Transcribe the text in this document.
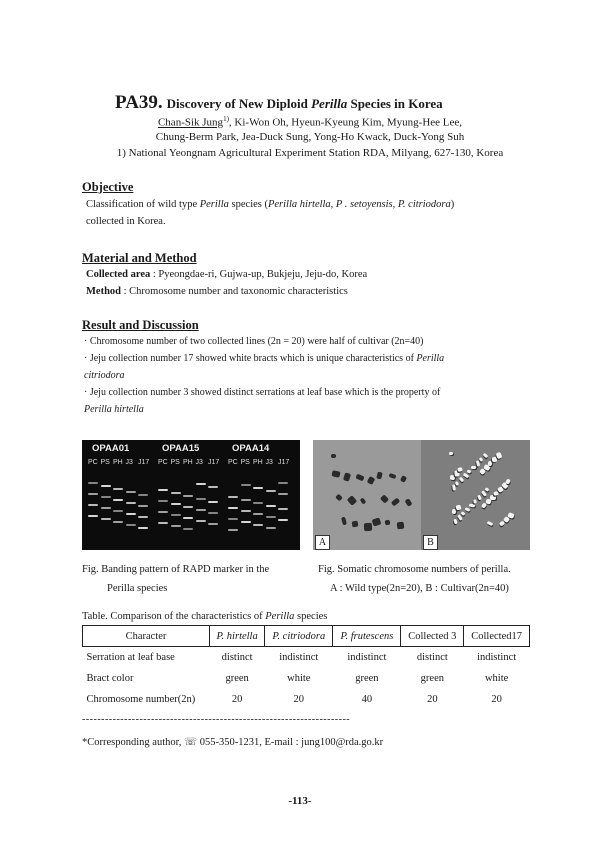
PA39. Discovery of New Diploid Perilla Species in Korea
Chan-Sik Jung$^{1)}$, Ki-Won Oh, Hyeun-Kyeung Kim, Myung-Hee Lee,
Chung-Berm Park, Jea-Duck Sung, Yong-Ho Kwack, Duck-Yong Suh
1) National Yeongnam Agricultural Experiment Station RDA, Milyang, 627-130, Korea
Objective
Classification of wild type Perilla species (Perilla hirtella, P . setoyensis, P. citriodora)
collected in Korea.
Material and Method
Collected area : Pyeongdae-ri, Gujwa-up, Bukjeju, Jeju-do, Korea
Method : Chromosome number and taxonomic characteristics
Result and Discussion
· Chromosome number of two collected lines (2n = 20) were half of cultivar (2n=40)
· Jeju collection number 17 showed white bracts which is unique characteristics of Perilla
citriodora
· Jeju collection number 3 showed distinct serrations at leaf base which is the property of
Perilla hirtella
OPAA01	OPAA15	OPAA14
PC PS PH J3 J17 PC PS PH J3 J17 PC PS PH J3 J17
A	B
Fig. Banding pattern of RAPD marker in the
Perilla species
Fig. Somatic chromosome numbers of perilla.
A : Wild type(2n=20), B : Cultivar(2n=40)
Table. Comparison of the characteristics of Perilla species
Character	P. hirtella	P. citriodora	P. frutescens	Collected 3	Collected17
Serration at leaf base	distinct	indistinct	indistinct	distinct	indistinct
Bract color	green	white	green	green	white
Chromosome number(2n)	20	20	40	20	20
----------------------------------------------------------------------
*Corresponding author, ☏ 055-350-1231, E-mail : jung100@rda.go.kr
-113-
